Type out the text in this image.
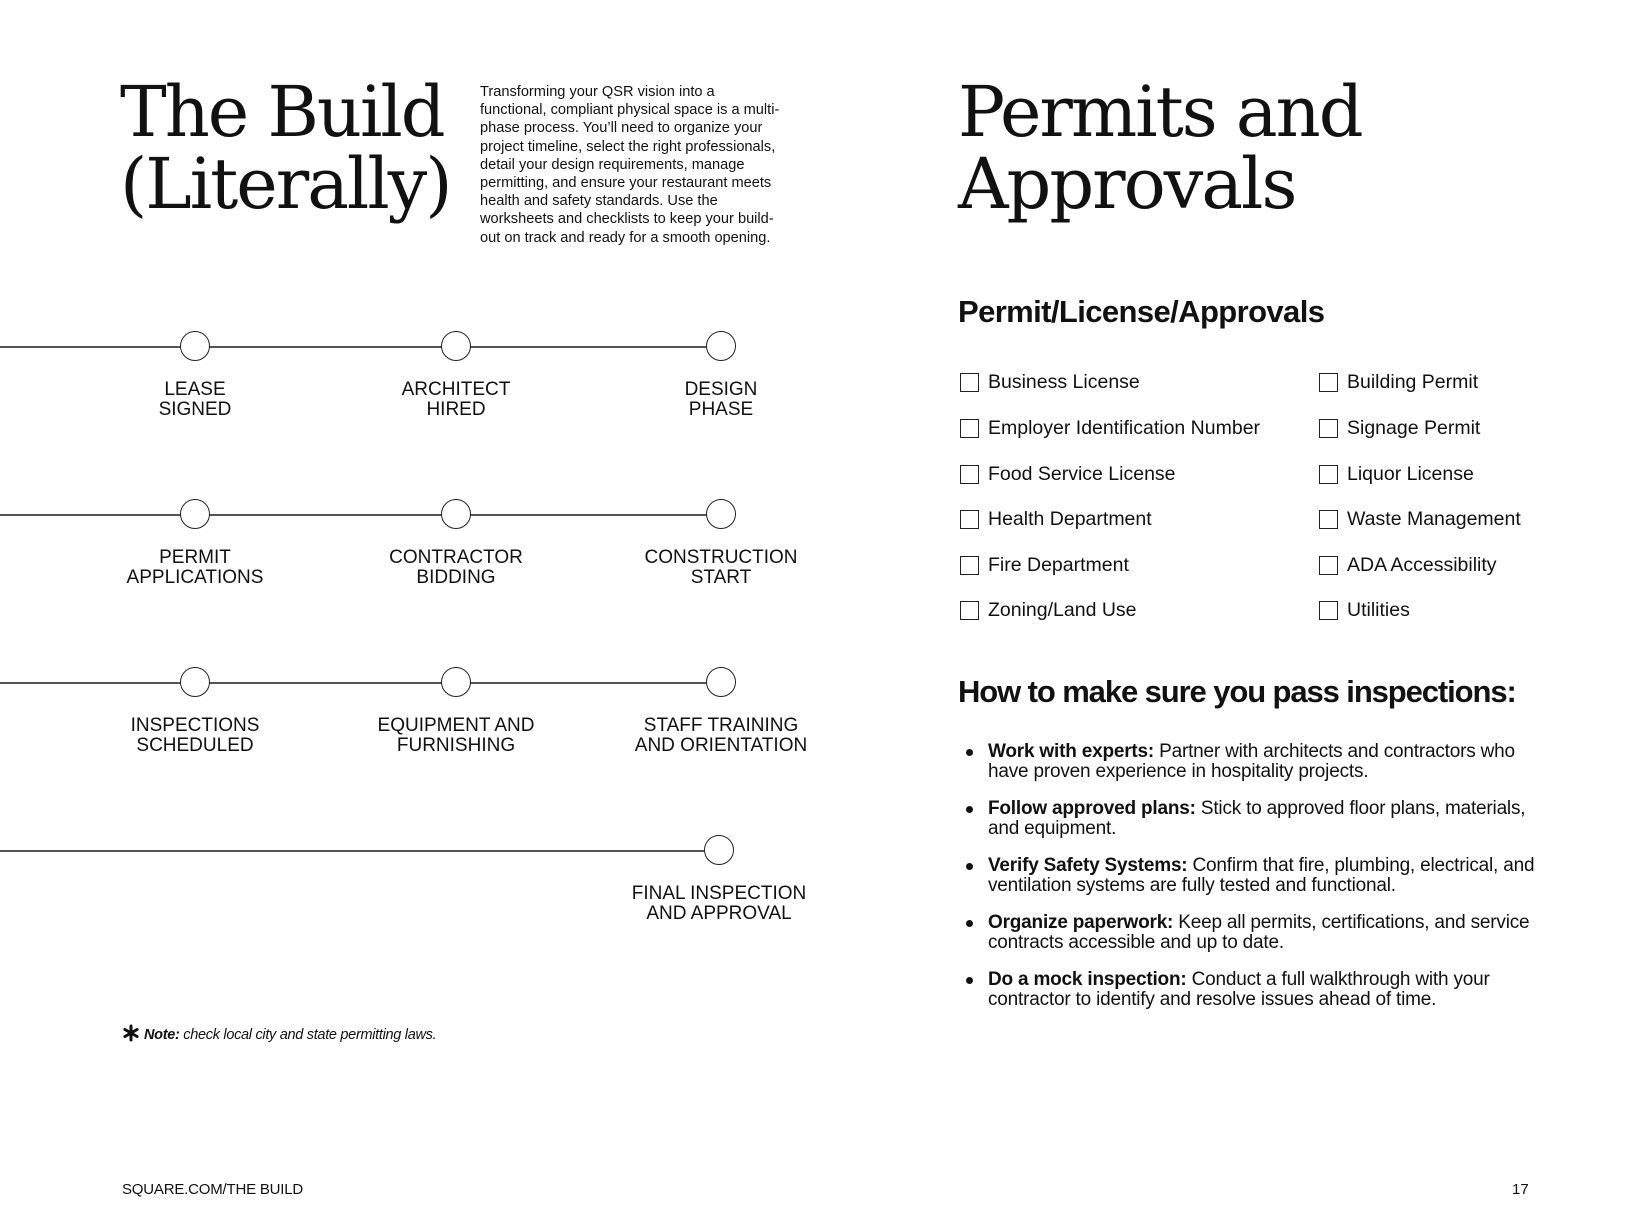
The Build
(Literally)

Transforming your QSR vision into a functional, compliant physical space is a multi-phase process. You’ll need to organize your project timeline, select the right professionals, detail your design requirements, manage permitting, and ensure your restaurant meets health and safety standards. Use the worksheets and checklists to keep your build-out on track and ready for a smooth opening.

LEASE
SIGNED
ARCHITECT
HIRED
DESIGN
PHASE
PERMIT
APPLICATIONS
CONTRACTOR
BIDDING
CONSTRUCTION
START
INSPECTIONS
SCHEDULED
EQUIPMENT AND
FURNISHING
STAFF TRAINING
AND ORIENTATION
FINAL INSPECTION
AND APPROVAL
Note: check local city and state permitting laws.
SQUARE.COM/THE BUILD
Permits and
Approvals
Permit/License/Approvals
Business License
Employer Identification Number
Food Service License
Health Department
Fire Department
Zoning/Land Use
Building Permit
Signage Permit
Liquor License
Waste Management
ADA Accessibility
Utilities
How to make sure you pass inspections:
Work with experts: Partner with architects and contractors who have proven experience in hospitality projects.
Follow approved plans: Stick to approved floor plans, materials, and equipment.
Verify Safety Systems: Confirm that fire, plumbing, electrical, and ventilation systems are fully tested and functional.
Organize paperwork: Keep all permits, certifications, and service contracts accessible and up to date.
Do a mock inspection: Conduct a full walkthrough with your contractor to identify and resolve issues ahead of time.
17
